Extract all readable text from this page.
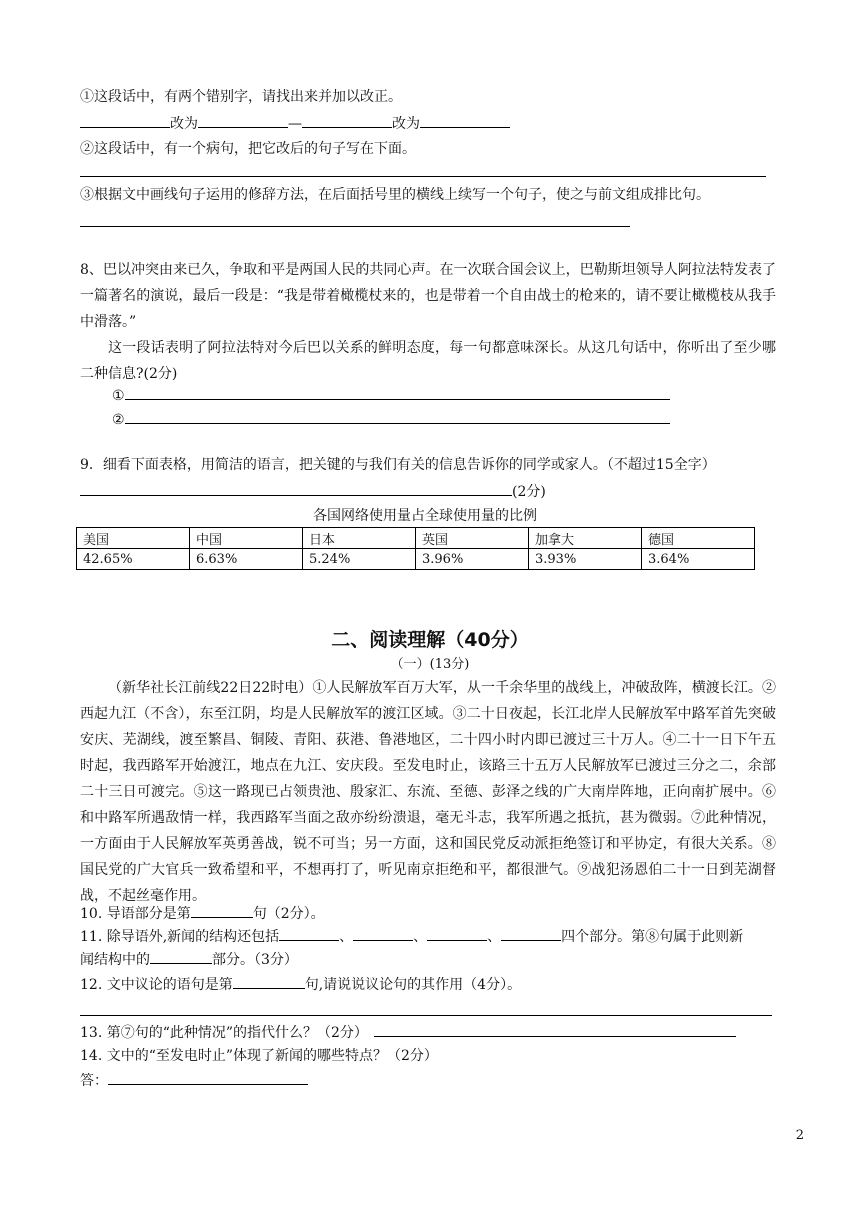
①这段话中，有两个错别字，请找出来并加以改正。
改为	—	改为
②这段话中，有一个病句，把它改后的句子写在下面。
③根据文中画线句子运用的修辞方法，在后面括号里的横线上续写一个句子，使之与前文组成排比句。
8、巴以冲突由来已久，争取和平是两国人民的共同心声。在一次联合国会议上，巴勒斯坦领导人阿拉法特发表了一篇著名的演说，最后一段是：“我是带着橄榄杖来的，也是带着一个自由战士的枪来的，请不要让橄榄枝从我手中滑落。”
这一段话表明了阿拉法特对今后巴以关系的鲜明态度，每一句都意味深长。从这几句话中，你听出了至少哪二种信息?(2分)
①
②
9．细看下面表格，用简洁的语言，把关键的与我们有关的信息告诉你的同学或家人。（不超过15全字）
(2分)
各国网络使用量占全球使用量的比例
美国	中国	日本	英国	加拿大	德国
42.65%	6.63%	5.24%	3.96%	3.93%	3.64%
二、阅读理解（40分）
（一）(13分)
（新华社长江前线22日22时电）①人民解放军百万大军，从一千余华里的战线上，冲破敌阵，横渡长江。②西起九江（不含），东至江阴，均是人民解放军的渡江区域。③二十日夜起，长江北岸人民解放军中路军首先突破安庆、芜湖线，渡至繁昌、铜陵、青阳、荻港、鲁港地区，二十四小时内即已渡过三十万人。④二十一日下午五时起，我西路军开始渡江，地点在九江、安庆段。至发电时止，该路三十五万人民解放军已渡过三分之二，余部二十三日可渡完。⑤这一路现已占领贵池、殷家汇、东流、至德、彭泽之线的广大南岸阵地，正向南扩展中。⑥和中路军所遇敌情一样，我西路军当面之敌亦纷纷溃退，毫无斗志，我军所遇之抵抗，甚为微弱。⑦此种情况，一方面由于人民解放军英勇善战，锐不可当；另一方面，这和国民党反动派拒绝签订和平协定，有很大关系。⑧国民党的广大官兵一致希望和平，不想再打了，听见南京拒绝和平，都很泄气。⑨战犯汤恩伯二十一日到芜湖督战，不起丝毫作用。
10. 导语部分是第	句（2分）。
11. 除导语外,新闻的结构还包括	、	、	、	四个部分。第⑧句属于此则新
闻结构中的	部分。（3分）
12. 文中议论的语句是第	句,请说说议论句的其作用（4分）。
13. 第⑦句的“此种情况”的指代什么？（2分）
14. 文中的“至发电时止”体现了新闻的哪些特点？（2分）
答：
2
